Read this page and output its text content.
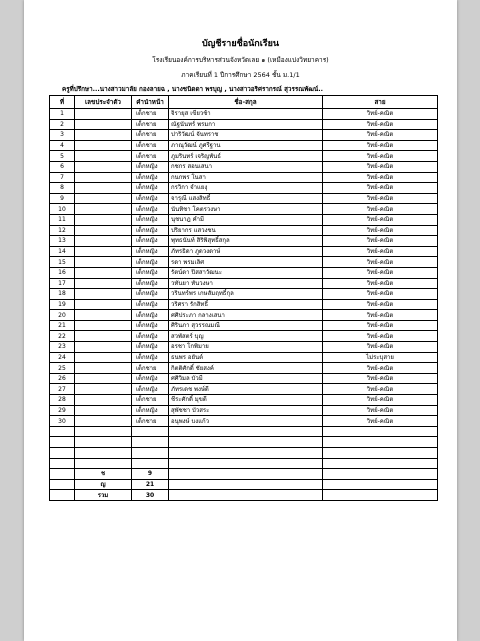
บัญชีรายชื่อนักเรียน
โรงเรียนองค์การบริหารส่วนจังหวัดเลย ๑ (เหมืองแบ่งวิทยาคาร)
ภาคเรียนที่ 1 ปีการศึกษา 2564 ชั้น ม.1/1
ครูที่ปรึกษา...นางสาวมาลัย กองลายฉ , นางชนิดดา พรบุญ , นางสาวอริศรากรณ์ สุวรรณพัฒน์..
ที่	เลขประจำตัว	คำนำหน้า	ชื่อ-สกุล	สาย
1		เด็กชาย	จิรายุส เขียวช้า	วิทย์-คณิต
2		เด็กชาย	ณัฐนันทร์ พรมกา	วิทย์-คณิต
3		เด็กชาย	ปาริวัฒน์ จันทราช	วิทย์-คณิต
4		เด็กชาย	ภาณุวัฒน์ ภูศรีฐาน	วิทย์-คณิต
5		เด็กชาย	ภูมรินทร์ เจริญพันธ์	วิทย์-คณิต
6		เด็กหญิง	กชกร สอนเสนา	วิทย์-คณิต
7		เด็กหญิง	กนกพร โนสา	วิทย์-คณิต
8		เด็กหญิง	กรวิกา จำแยงุ	วิทย์-คณิต
9		เด็กหญิง	จารุณี แสงสิทธิ์	วิทย์-คณิต
10		เด็กหญิง	นันทิชา โคตรวงษา	วิทย์-คณิต
11		เด็กหญิง	นุชนาฎ คำมี	วิทย์-คณิต
12		เด็กหญิง	ปริยากร แสวงชน	วิทย์-คณิต
13		เด็กหญิง	พุทธนันท์ สิริพิสุทธิ์สกุล	วิทย์-คณิต
14		เด็กหญิง	ภัทรธิดา ภูดวงดาษ์	วิทย์-คณิต
15		เด็กหญิง	รดา พรมเลิศ	วิทย์-คณิต
16		เด็กหญิง	รัตน์ดา ปิสสาวัฒนะ	วิทย์-คณิต
17		เด็กหญิง	วทันยา ทันวงษา	วิทย์-คณิต
18		เด็กหญิง	วรินทร์พร เกษสัมฤทธิ์กุล	วิทย์-คณิต
19		เด็กหญิง	วริศรา รักสิทธิ์	วิทย์-คณิต
20		เด็กหญิง	ศศิประภา กลางเสนา	วิทย์-คณิต
21		เด็กหญิง	ศิรินภา สุวรรณมณี	วิทย์-คณิต
22		เด็กหญิง	สวพัสตร์ บุญ	วิทย์-คณิต
23		เด็กหญิง	อรชา โกพิมาย	วิทย์-คณิต
24		เด็กหญิง	ธนพร อยันต์	ไม่ระบุสาย
25		เด็กชาย	กิตติศักดิ์ ชัยสงค์	วิทย์-คณิต
26		เด็กหญิง	ศศิวิมล บัวมี	วิทย์-คณิต
27		เด็กหญิง	ภัทรเดช พงษ์ดี	วิทย์-คณิต
28		เด็กชาย	ชีระศักดิ์ มุขดี	วิทย์-คณิต
29		เด็กหญิง	สุพัชชา บัวสระ	วิทย์-คณิต
30		เด็กชาย	อนุพงษ์ บงแก้ว	วิทย์-คณิต

	ช	9		
	ญ	21		
	รวม	30		
